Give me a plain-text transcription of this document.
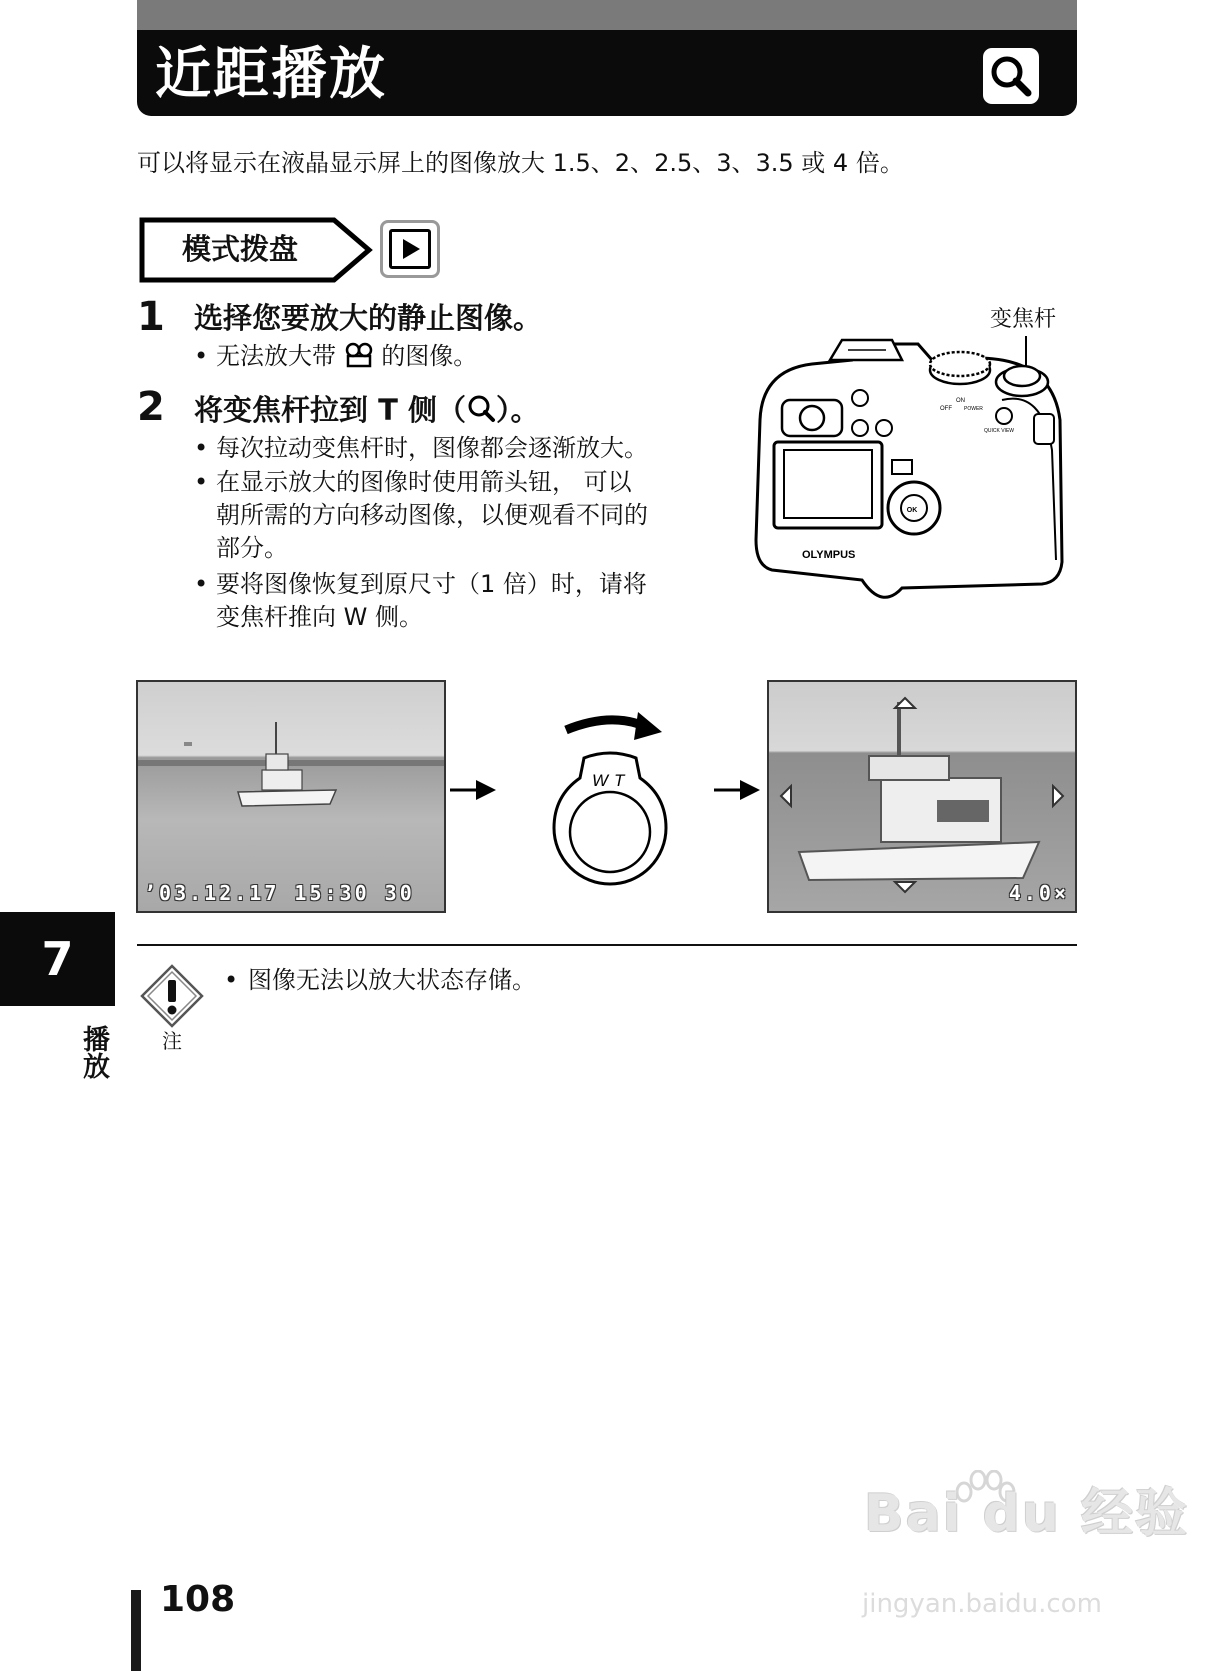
近距播放
可以将显示在液晶显示屏上的图像放大 1.5、2、2.5、3、3.5 或 4 倍。
模式拨盘
1 选择您要放大的静止图像。
• 无法放大带  的图像。
2 将变焦杆拉到 T 侧（ ）。
• 每次拉动变焦杆时，图像都会逐渐放大。
• 在显示放大的图像时使用箭头钮， 可以
朝所需的方向移动图像，以便观看不同的
部分。
• 要将图像恢复到原尺寸（1 倍）时，请将
变焦杆推向 W 侧。
变焦杆
OLYMPUS
OK
OFF
ON
POWER
QUICK VIEW
’03.12.17 15:30 30
W T
4.0×
注
• 图像无法以放大状态存储。
7
播放
108
Bai du 经验
jingyan.baidu.com
